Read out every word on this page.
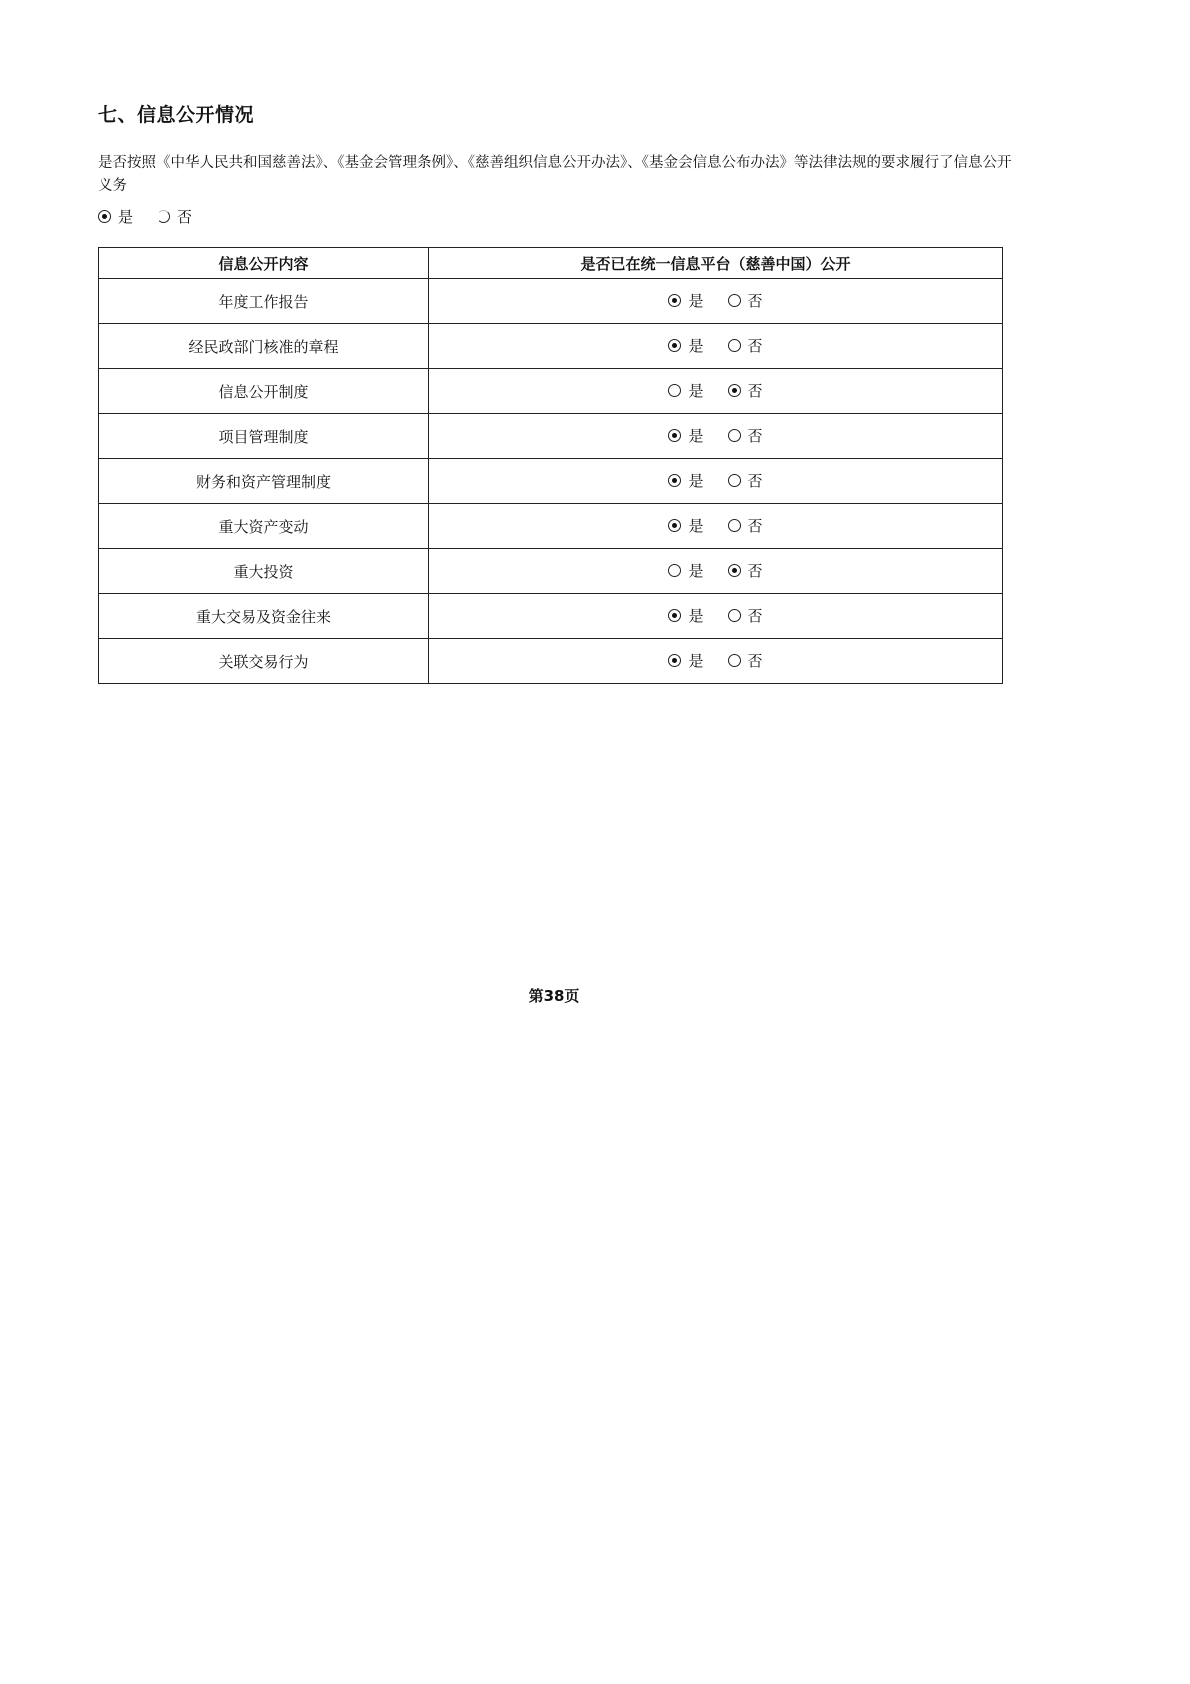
七、信息公开情况
是否按照《中华人民共和国慈善法》、《基金会管理条例》、《慈善组织信息公开办法》、《基金会信息公布办法》等法律法规的要求履行了信息公开义务
是	否
信息公开内容	是否已在统一信息平台（慈善中国）公开
年度工作报告	是 否

经民政部门核准的章程	是 否

信息公开制度	是 否

项目管理制度	是 否

财务和资产管理制度	是 否

重大资产变动	是 否

重大投资	是 否

重大交易及资金往来	是 否

关联交易行为	是 否
第38页
